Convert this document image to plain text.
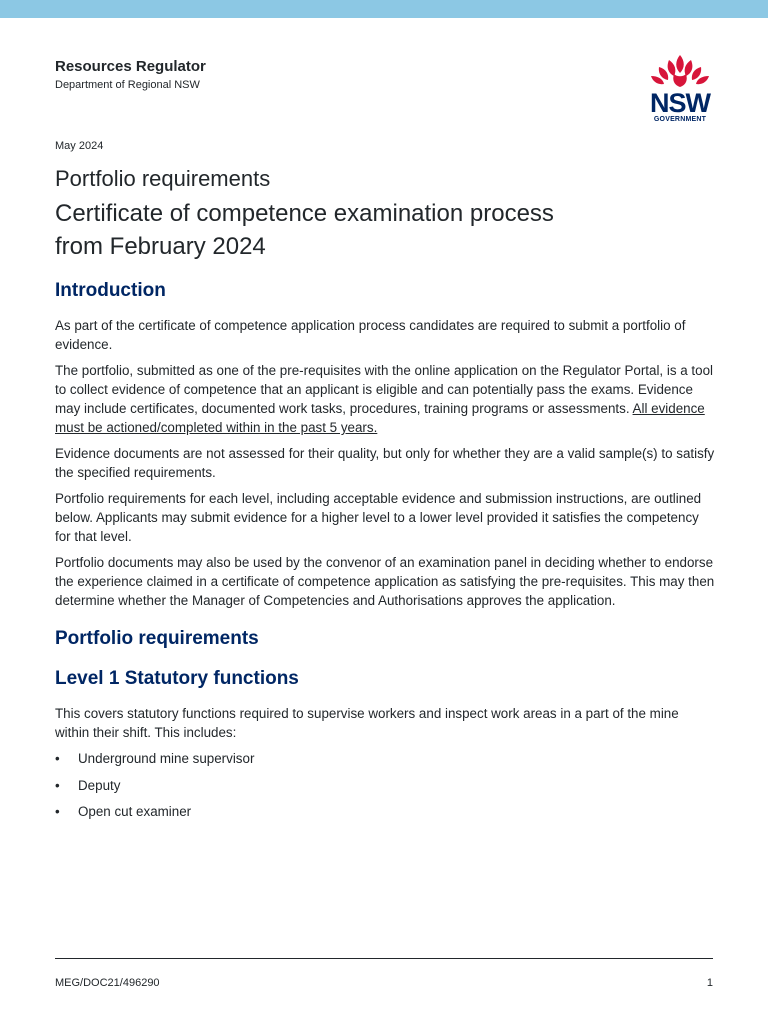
Resources Regulator

Department of Regional NSW

NSW
GOVERNMENT
May 2024
Portfolio requirements
Certificate of competence examination process
from February 2024
Introduction

As part of the certificate of competence application process candidates are required to submit a portfolio of evidence.

The portfolio, submitted as one of the pre-requisites with the online application on the Regulator Portal, is a tool to collect evidence of competence that an applicant is eligible and can potentially pass the exams. Evidence may include certificates, documented work tasks, procedures, training programs or assessments. All evidence must be actioned/completed within in the past 5 years.

Evidence documents are not assessed for their quality, but only for whether they are a valid sample(s) to satisfy the specified requirements.

Portfolio requirements for each level, including acceptable evidence and submission instructions, are outlined below. Applicants may submit evidence for a higher level to a lower level provided it satisfies the competency for that level.

Portfolio documents may also be used by the convenor of an examination panel in deciding whether to endorse the experience claimed in a certificate of competence application as satisfying the pre-requisites. This may then determine whether the Manager of Competencies and Authorisations approves the application.

Portfolio requirements
Level 1 Statutory functions

This covers statutory functions required to supervise workers and inspect work areas in a part of the mine within their shift. This includes:

• Underground mine supervisor
• Deputy
• Open cut examiner
MEG/DOC21/496290	1
